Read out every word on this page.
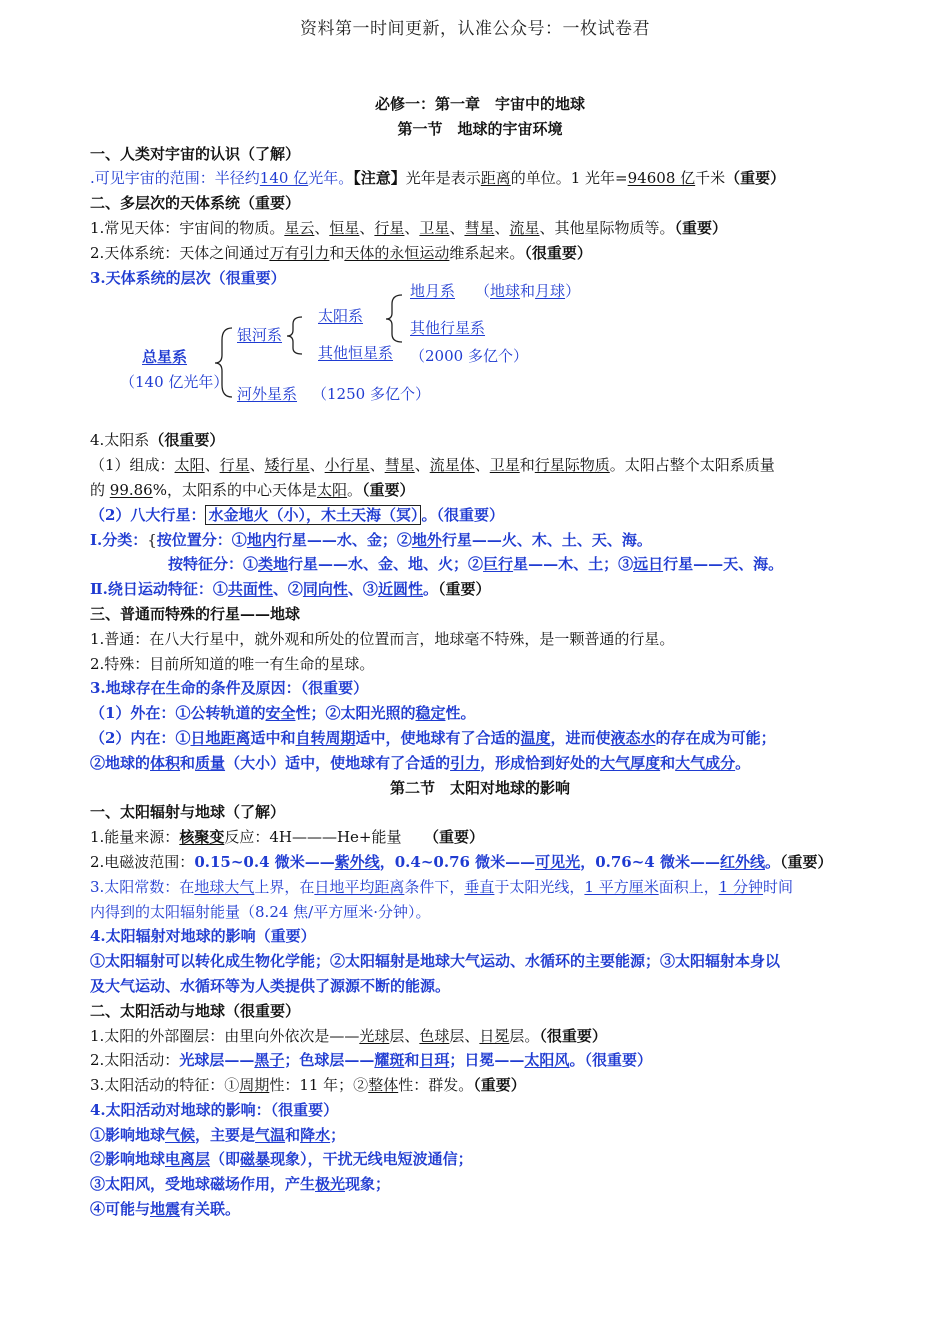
资料第一时间更新，认准公众号：一枚试卷君
必修一：第一章　宇宙中的地球
第一节　地球的宇宙环境
一、人类对宇宙的认识（了解）
.可见宇宙的范围：半径约140 亿光年。【注意】光年是表示距离的单位。1 光年=94608 亿千米（重要）
二、多层次的天体系统（重要）
1.常见天体：宇宙间的物质。星云、恒星、行星、卫星、彗星、流星、其他星际物质等。（重要）
2.天体系统：天体之间通过万有引力和天体的永恒运动维系起来。（很重要）
3.天体系统的层次（很重要）
地月系 （地球和月球）
太阳系
其他行星系
银河系
其他恒星系 （2000 多亿个）
总星系
（140 亿光年）
河外星系 （1250 多亿个）
4.太阳系（很重要）
（1）组成：太阳、行星、矮行星、小行星、彗星、流星体、卫星和行星际物质。太阳占整个太阳系质量
的 99.86%，太阳系的中心天体是太阳。（重要）
（2）八大行星： 水金地火（小），木土天海（冥） 。（很重要）
Ⅰ.分类：{按位置分：①地内行星——水、金；②地外行星——火、木、土、天、海。
按特征分：①类地行星——水、金、地、火；②巨行星——木、土；③远日行星——天、海。
Ⅱ.绕日运动特征：①共面性、②同向性、③近圆性。（重要）
三、普通而特殊的行星——地球
1.普通：在八大行星中，就外观和所处的位置而言，地球毫不特殊，是一颗普通的行星。
2.特殊：目前所知道的唯一有生命的星球。
3.地球存在生命的条件及原因：（很重要）
（1）外在：①公转轨道的安全性；②太阳光照的稳定性。
（2）内在：①日地距离适中和自转周期适中，使地球有了合适的温度，进而使液态水的存在成为可能；
②地球的体积和质量（大小）适中，使地球有了合适的引力，形成恰到好处的大气厚度和大气成分。
第二节　太阳对地球的影响
一、太阳辐射与地球（了解）
1.能量来源：核聚变反应：4H———He+能量　　（重要）
2.电磁波范围：0.15~0.4 微米——紫外线，0.4~0.76 微米——可见光，0.76~4 微米——红外线。（重要）
3.太阳常数：在地球大气上界，在日地平均距离条件下，垂直于太阳光线，1 平方厘米面积上，1 分钟时间
内得到的太阳辐射能量（8.24 焦/平方厘米·分钟）。
4.太阳辐射对地球的影响（重要）
①太阳辐射可以转化成生物化学能；②太阳辐射是地球大气运动、水循环的主要能源；③太阳辐射本身以
及大气运动、水循环等为人类提供了源源不断的能源。
二、太阳活动与地球（很重要）
1.太阳的外部圈层：由里向外依次是——光球层、色球层、日冕层。（很重要）
2.太阳活动：光球层——黑子；色球层——耀斑和日珥；日冕——太阳风。（很重要）
3.太阳活动的特征：①周期性：11 年；②整体性：群发。（重要）
4.太阳活动对地球的影响：（很重要）
①影响地球气候，主要是气温和降水；
②影响地球电离层（即磁暴现象），干扰无线电短波通信；
③太阳风，受地球磁场作用，产生极光现象；
④可能与地震有关联。
